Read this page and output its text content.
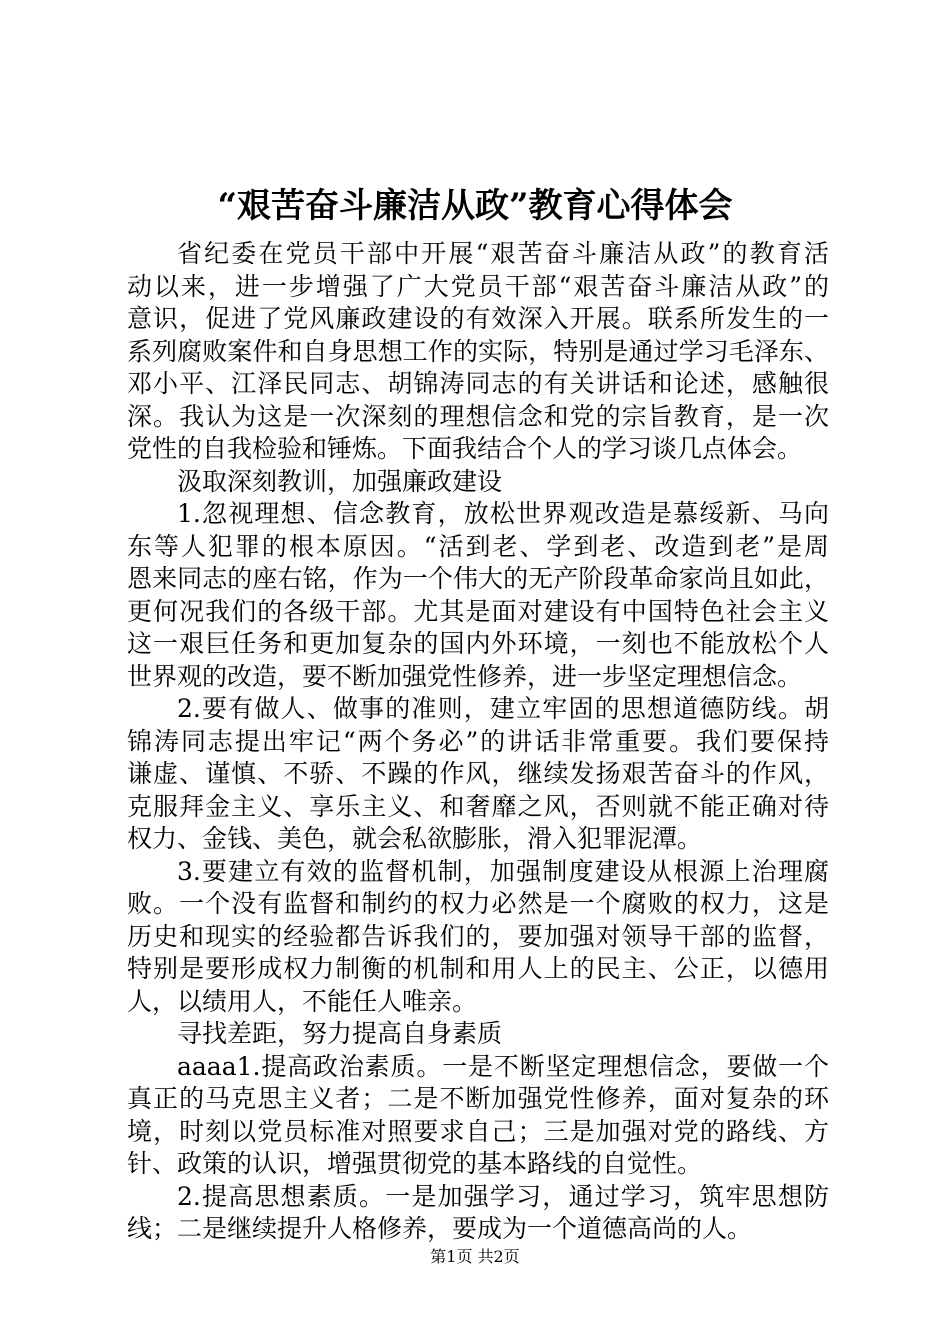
“艰苦奋斗廉洁从政”教育心得体会
省纪委在党员干部中开展“艰苦奋斗廉洁从政”的教育活
动以来，进一步增强了广大党员干部“艰苦奋斗廉洁从政”的
意识，促进了党风廉政建设的有效深入开展。联系所发生的一
系列腐败案件和自身思想工作的实际，特别是通过学习毛泽东、
邓小平、江泽民同志、胡锦涛同志的有关讲话和论述，感触很
深。我认为这是一次深刻的理想信念和党的宗旨教育，是一次
党性的自我检验和锤炼。下面我结合个人的学习谈几点体会。
汲取深刻教训，加强廉政建设
1.忽视理想、信念教育，放松世界观改造是慕绥新、马向
东等人犯罪的根本原因。“活到老、学到老、改造到老”是周
恩来同志的座右铭，作为一个伟大的无产阶段革命家尚且如此，
更何况我们的各级干部。尤其是面对建设有中国特色社会主义
这一艰巨任务和更加复杂的国内外环境，一刻也不能放松个人
世界观的改造，要不断加强党性修养，进一步坚定理想信念。
2.要有做人、做事的准则，建立牢固的思想道德防线。胡
锦涛同志提出牢记“两个务必”的讲话非常重要。我们要保持
谦虚、谨慎、不骄、不躁的作风，继续发扬艰苦奋斗的作风，
克服拜金主义、享乐主义、和奢靡之风，否则就不能正确对待
权力、金钱、美色，就会私欲膨胀，滑入犯罪泥潭。
3.要建立有效的监督机制，加强制度建设从根源上治理腐
败。一个没有监督和制约的权力必然是一个腐败的权力，这是
历史和现实的经验都告诉我们的，要加强对领导干部的监督，
特别是要形成权力制衡的机制和用人上的民主、公正，以德用
人，以绩用人，不能任人唯亲。
寻找差距，努力提高自身素质
aaaa1.提高政治素质。一是不断坚定理想信念，要做一个
真正的马克思主义者；二是不断加强党性修养，面对复杂的环
境，时刻以党员标准对照要求自己；三是加强对党的路线、方
针、政策的认识，增强贯彻党的基本路线的自觉性。
2.提高思想素质。一是加强学习，通过学习，筑牢思想防
线；二是继续提升人格修养，要成为一个道德高尚的人。
第1页 共2页
